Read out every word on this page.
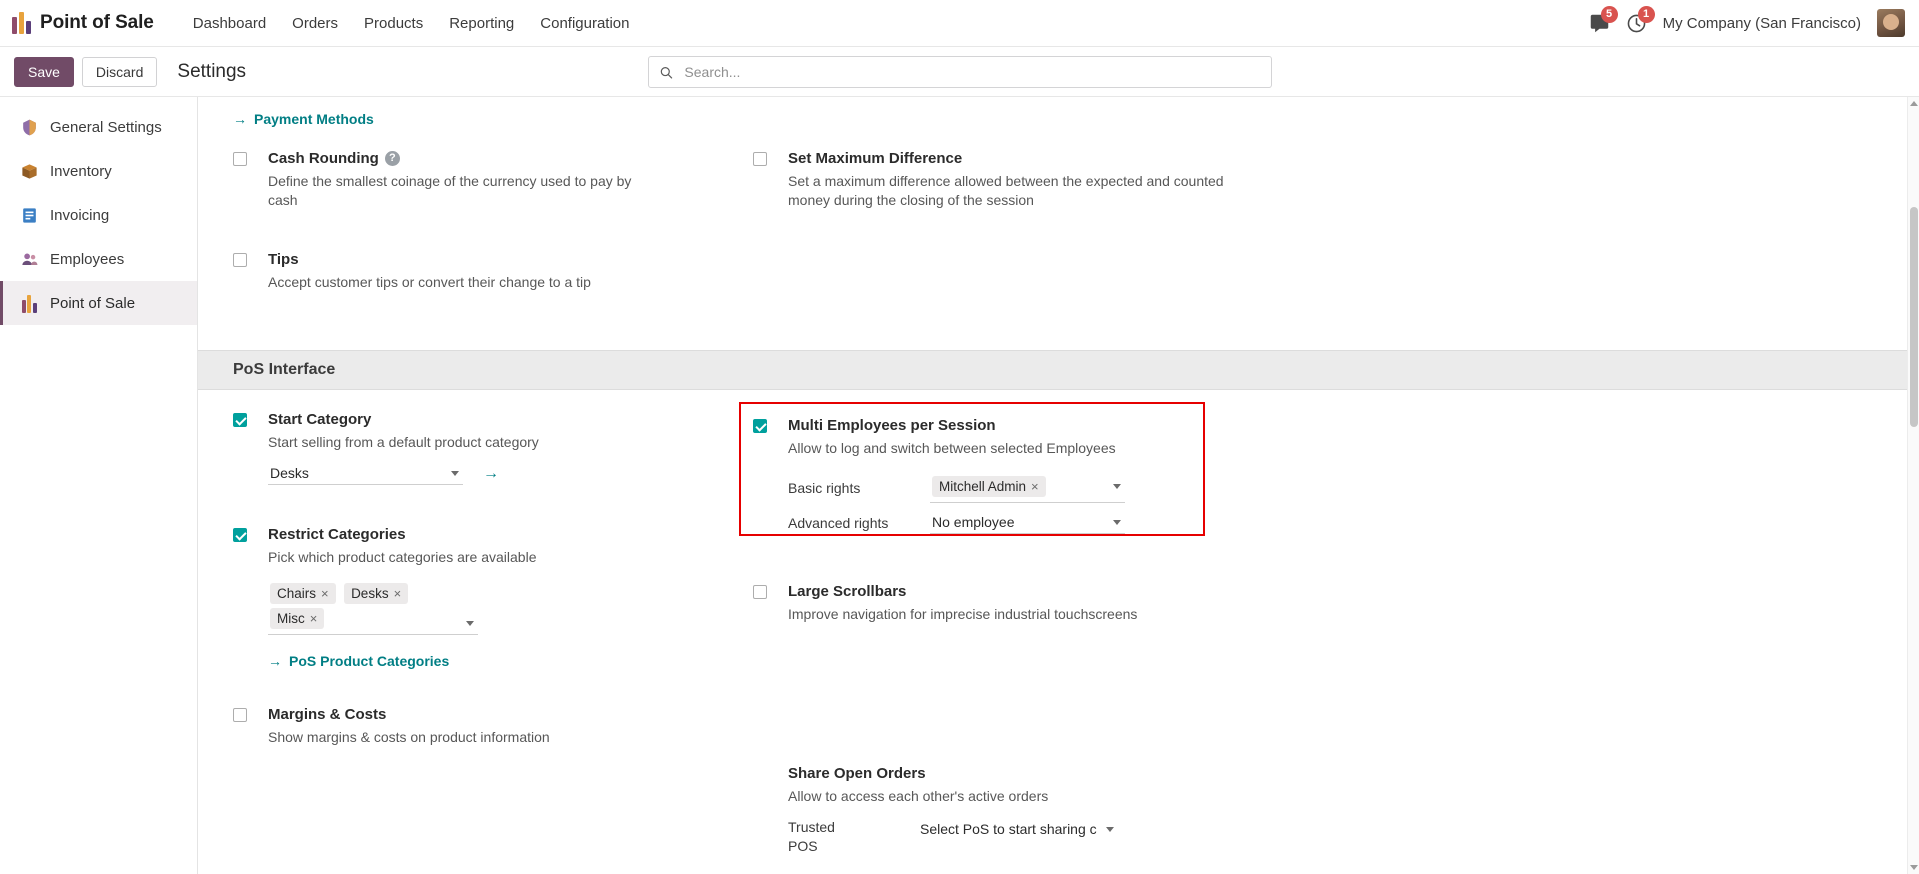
Point of Sale	Dashboard	Orders	Products	Reporting	Configuration
5	1
My Company (San Francisco)
Save	Discard	Settings
Search...
General Settings
Inventory
Invoicing
Employees
Point of Sale
→ Payment Methods
Cash Rounding ?
Define the smallest coinage of the currency used to pay by cash
Tips
Accept customer tips or convert their change to a tip
Set Maximum Difference
Set a maximum difference allowed between the expected and counted money during the closing of the session
PoS Interface
Start Category
Start selling from a default product category
Desks	→
Restrict Categories
Pick which product categories are available
Chairs ×
Desks ×

Misc ×
→ PoS Product Categories
Margins & Costs
Show margins & costs on product information
Multi Employees per Session
Allow to log and switch between selected Employees
Basic rights	Mitchell Admin ×
Advanced rights	No employee
Large Scrollbars
Improve navigation for imprecise industrial touchscreens
Share Open Orders
Allow to access each other's active orders
Trusted
POS
Select PoS to start sharing c
